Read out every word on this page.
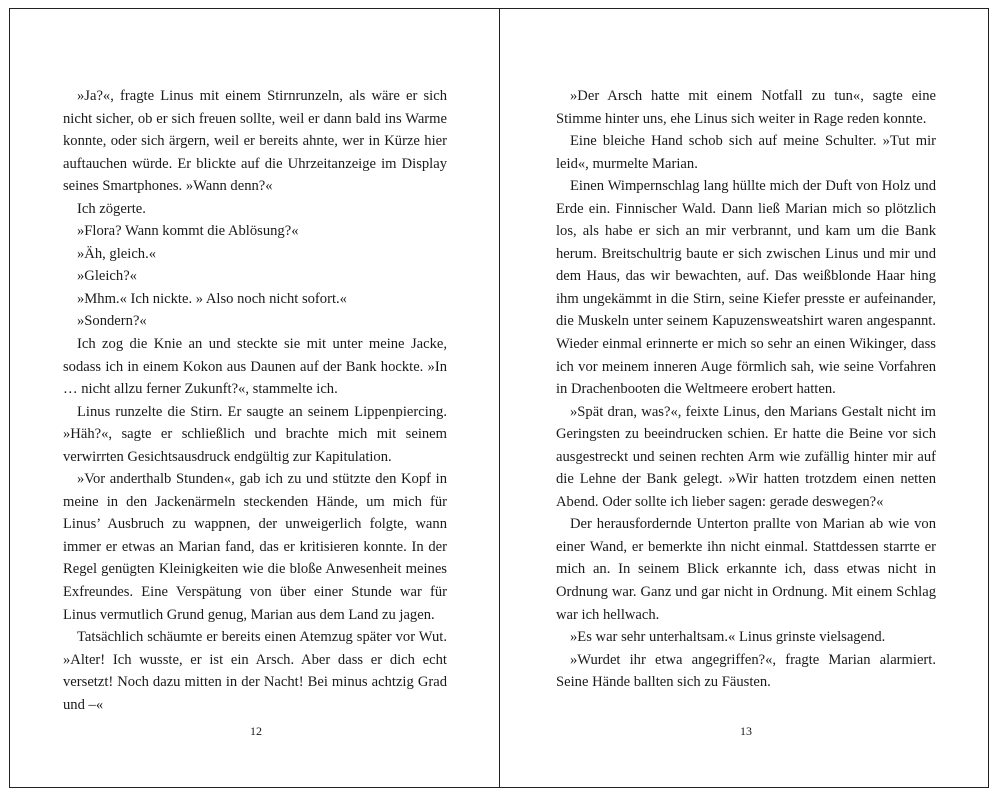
»Ja?«, fragte Linus mit einem Stirnrunzeln, als wäre er sich nicht sicher, ob er sich freuen sollte, weil er dann bald ins Warme konnte, oder sich ärgern, weil er bereits ahnte, wer in Kürze hier auftauchen würde. Er blickte auf die Uhrzeitanzeige im Display seines Smartphones. »Wann denn?«

Ich zögerte.

»Flora? Wann kommt die Ablösung?«

»Äh, gleich.«

»Gleich?«

»Mhm.« Ich nickte. » Also noch nicht sofort.«

»Sondern?«

Ich zog die Knie an und steckte sie mit unter meine Jacke, sodass ich in einem Kokon aus Daunen auf der Bank hockte. »In … nicht allzu ferner Zukunft?«, stammelte ich.

Linus runzelte die Stirn. Er saugte an seinem Lippenpiercing. »Häh?«, sagte er schließlich und brachte mich mit seinem verwirrten Gesichtsausdruck endgültig zur Kapitulation.

»Vor anderthalb Stunden«, gab ich zu und stützte den Kopf in meine in den Jackenärmeln steckenden Hände, um mich für Linus’ Ausbruch zu wappnen, der unweigerlich folgte, wann immer er etwas an Marian fand, das er kritisieren konnte. In der Regel genügten Kleinigkeiten wie die bloße Anwesenheit meines Exfreundes. Eine Verspätung von über einer Stunde war für Linus vermutlich Grund genug, Marian aus dem Land zu jagen.

Tatsächlich schäumte er bereits einen Atemzug später vor Wut. »Alter! Ich wusste, er ist ein Arsch. Aber dass er dich echt versetzt! Noch dazu mitten in der Nacht! Bei minus achtzig Grad und –«

12

»Der Arsch hatte mit einem Notfall zu tun«, sagte eine Stimme hinter uns, ehe Linus sich weiter in Rage reden konnte.

Eine bleiche Hand schob sich auf meine Schulter. »Tut mir leid«, murmelte Marian.

Einen Wimpernschlag lang hüllte mich der Duft von Holz und Erde ein. Finnischer Wald. Dann ließ Marian mich so plötzlich los, als habe er sich an mir verbrannt, und kam um die Bank herum. Breitschultrig baute er sich zwischen Linus und mir und dem Haus, das wir bewachten, auf. Das weißblonde Haar hing ihm ungekämmt in die Stirn, seine Kiefer presste er aufeinander, die Muskeln unter seinem Kapuzensweatshirt waren angespannt. Wieder einmal erinnerte er mich so sehr an einen Wikinger, dass ich vor meinem inneren Auge förmlich sah, wie seine Vorfahren in Drachenbooten die Weltmeere erobert hatten.

»Spät dran, was?«, feixte Linus, den Marians Gestalt nicht im Geringsten zu beeindrucken schien. Er hatte die Beine vor sich ausgestreckt und seinen rechten Arm wie zufällig hinter mir auf die Lehne der Bank gelegt. »Wir hatten trotzdem einen netten Abend. Oder sollte ich lieber sagen: gerade deswegen?«

Der herausfordernde Unterton prallte von Marian ab wie von einer Wand, er bemerkte ihn nicht einmal. Stattdessen starrte er mich an. In seinem Blick erkannte ich, dass etwas nicht in Ordnung war. Ganz und gar nicht in Ordnung. Mit einem Schlag war ich hellwach.

»Es war sehr unterhaltsam.« Linus grinste vielsagend.

»Wurdet ihr etwa angegriffen?«, fragte Marian alarmiert. Seine Hände ballten sich zu Fäusten.

13
